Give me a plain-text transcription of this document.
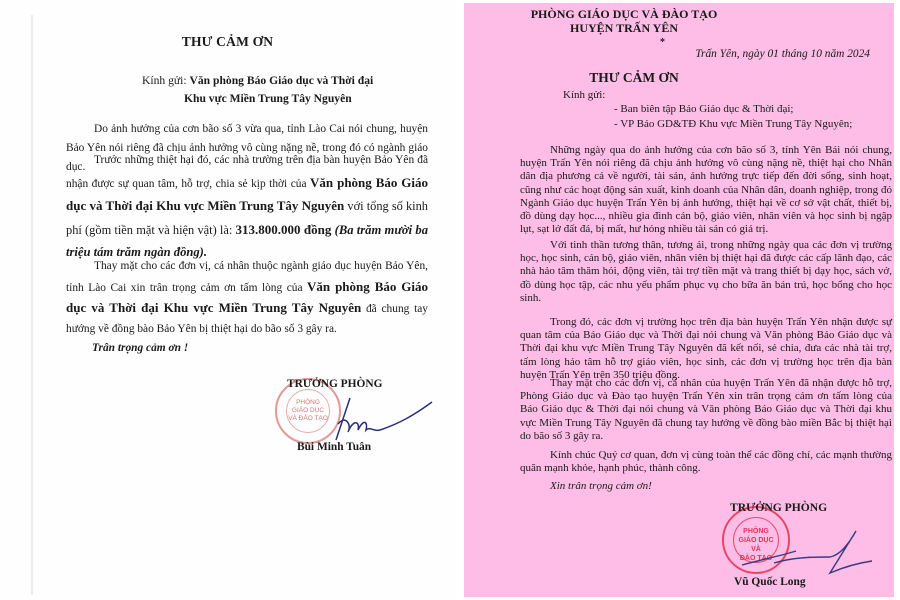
THƯ CẢM ƠN
Kính gửi: Văn phòng Báo Giáo dục và Thời đại
Khu vực Miền Trung Tây Nguyên

Do ảnh hưởng của cơn bão số 3 vừa qua, tỉnh Lào Cai nói chung, huyện Bảo Yên nói riêng đã chịu ảnh hưởng vô cùng nặng nề, trong đó có ngành giáo dục.

Trước những thiệt hại đó, các nhà trường trên địa bàn huyện Bảo Yên đã nhận được sự quan tâm, hỗ trợ, chia sẻ kịp thời của Văn phòng Báo Giáo dục và Thời đại Khu vực Miền Trung Tây Nguyên với tổng số kinh phí (gồm tiền mặt và hiện vật) là: 313.800.000 đồng (Ba trăm mười ba triệu tám trăm ngàn đồng).

Thay mặt cho các đơn vị, cá nhân thuộc ngành giáo dục huyện Bảo Yên, tỉnh Lào Cai xin trân trọng cảm ơn tấm lòng của Văn phòng Báo Giáo dục và Thời đại Khu vực Miền Trung Tây Nguyên đã chung tay hướng về đồng bào Bảo Yên bị thiệt hại do bão số 3 gây ra.

Trân trọng cảm ơn !
PHÒNG
GIÁO DỤC
VÀ ĐÀO TẠO
TRƯỞNG PHÒNG
Bùi Minh Tuân
PHÒNG GIÁO DỤC VÀ ĐÀO TẠO
HUYỆN TRẤN YÊN
*
Trấn Yên, ngày 01 tháng 10 năm 2024
THƯ CẢM ƠN
Kính gửi:
- Ban biên tập Báo Giáo dục & Thời đại;
- VP Báo GD&TĐ Khu vực Miền Trung Tây Nguyên;

Những ngày qua do ảnh hưởng của cơn bão số 3, tỉnh Yên Bái nói chung, huyện Trấn Yên nói riêng đã chịu ảnh hưởng vô cùng nặng nề, thiệt hại cho Nhân dân địa phương cả về người, tài sản, ảnh hưởng trực tiếp đến đời sống, sinh hoạt, cũng như các hoạt động sản xuất, kinh doanh của Nhân dân, doanh nghiệp, trong đó Ngành Giáo dục huyện Trấn Yên bị ảnh hưởng, thiệt hại về cơ sở vật chất, thiết bị, đồ dùng dạy học..., nhiều gia đình cán bộ, giáo viên, nhân viên và học sinh bị ngập lụt, sạt lở đất đá, bị mất, hư hỏng nhiều tài sản có giá trị.

Với tinh thần tương thân, tương ái, trong những ngày qua các đơn vị trường học, học sinh, cán bộ, giáo viên, nhân viên bị thiệt hại đã được các cấp lãnh đạo, các nhà hảo tâm thăm hỏi, động viên, tài trợ tiền mặt và trang thiết bị dạy học, sách vở, đồ dùng học tập, các nhu yếu phẩm phục vụ cho bữa ăn bán trú, học bổng cho học sinh.

Trong đó, các đơn vị trường học trên địa bàn huyện Trấn Yên nhận được sự quan tâm của Báo Giáo dục và Thời đại nói chung và Văn phòng Báo Giáo dục và Thời đại khu vực Miền Trung Tây Nguyên đã kết nối, sẻ chia, đưa các nhà tài trợ, tấm lòng hảo tâm hỗ trợ giáo viên, học sinh, các đơn vị trường học trên địa bàn huyện Trấn Yên trên 350 triệu đồng.

Thay mặt cho các đơn vị, cá nhân của huyện Trấn Yên đã nhận được hỗ trợ, Phòng Giáo dục và Đào tạo huyện Trấn Yên xin trân trọng cảm ơn tấm lòng của Báo Giáo dục & Thời đại nói chung và Văn phòng Báo Giáo dục và Thời đại khu vực Miền Trung Tây Nguyên đã chung tay hướng về đồng bào miền Bắc bị thiệt hại do bão số 3 gây ra.

Kính chúc Quý cơ quan, đơn vị cùng toàn thể các đồng chí, các mạnh thường quân mạnh khỏe, hạnh phúc, thành công.

Xin trân trọng cảm ơn!
PHÒNG
GIÁO DỤC VÀ
ĐÀO TẠO
TRƯỞNG PHÒNG
Vũ Quốc Long
